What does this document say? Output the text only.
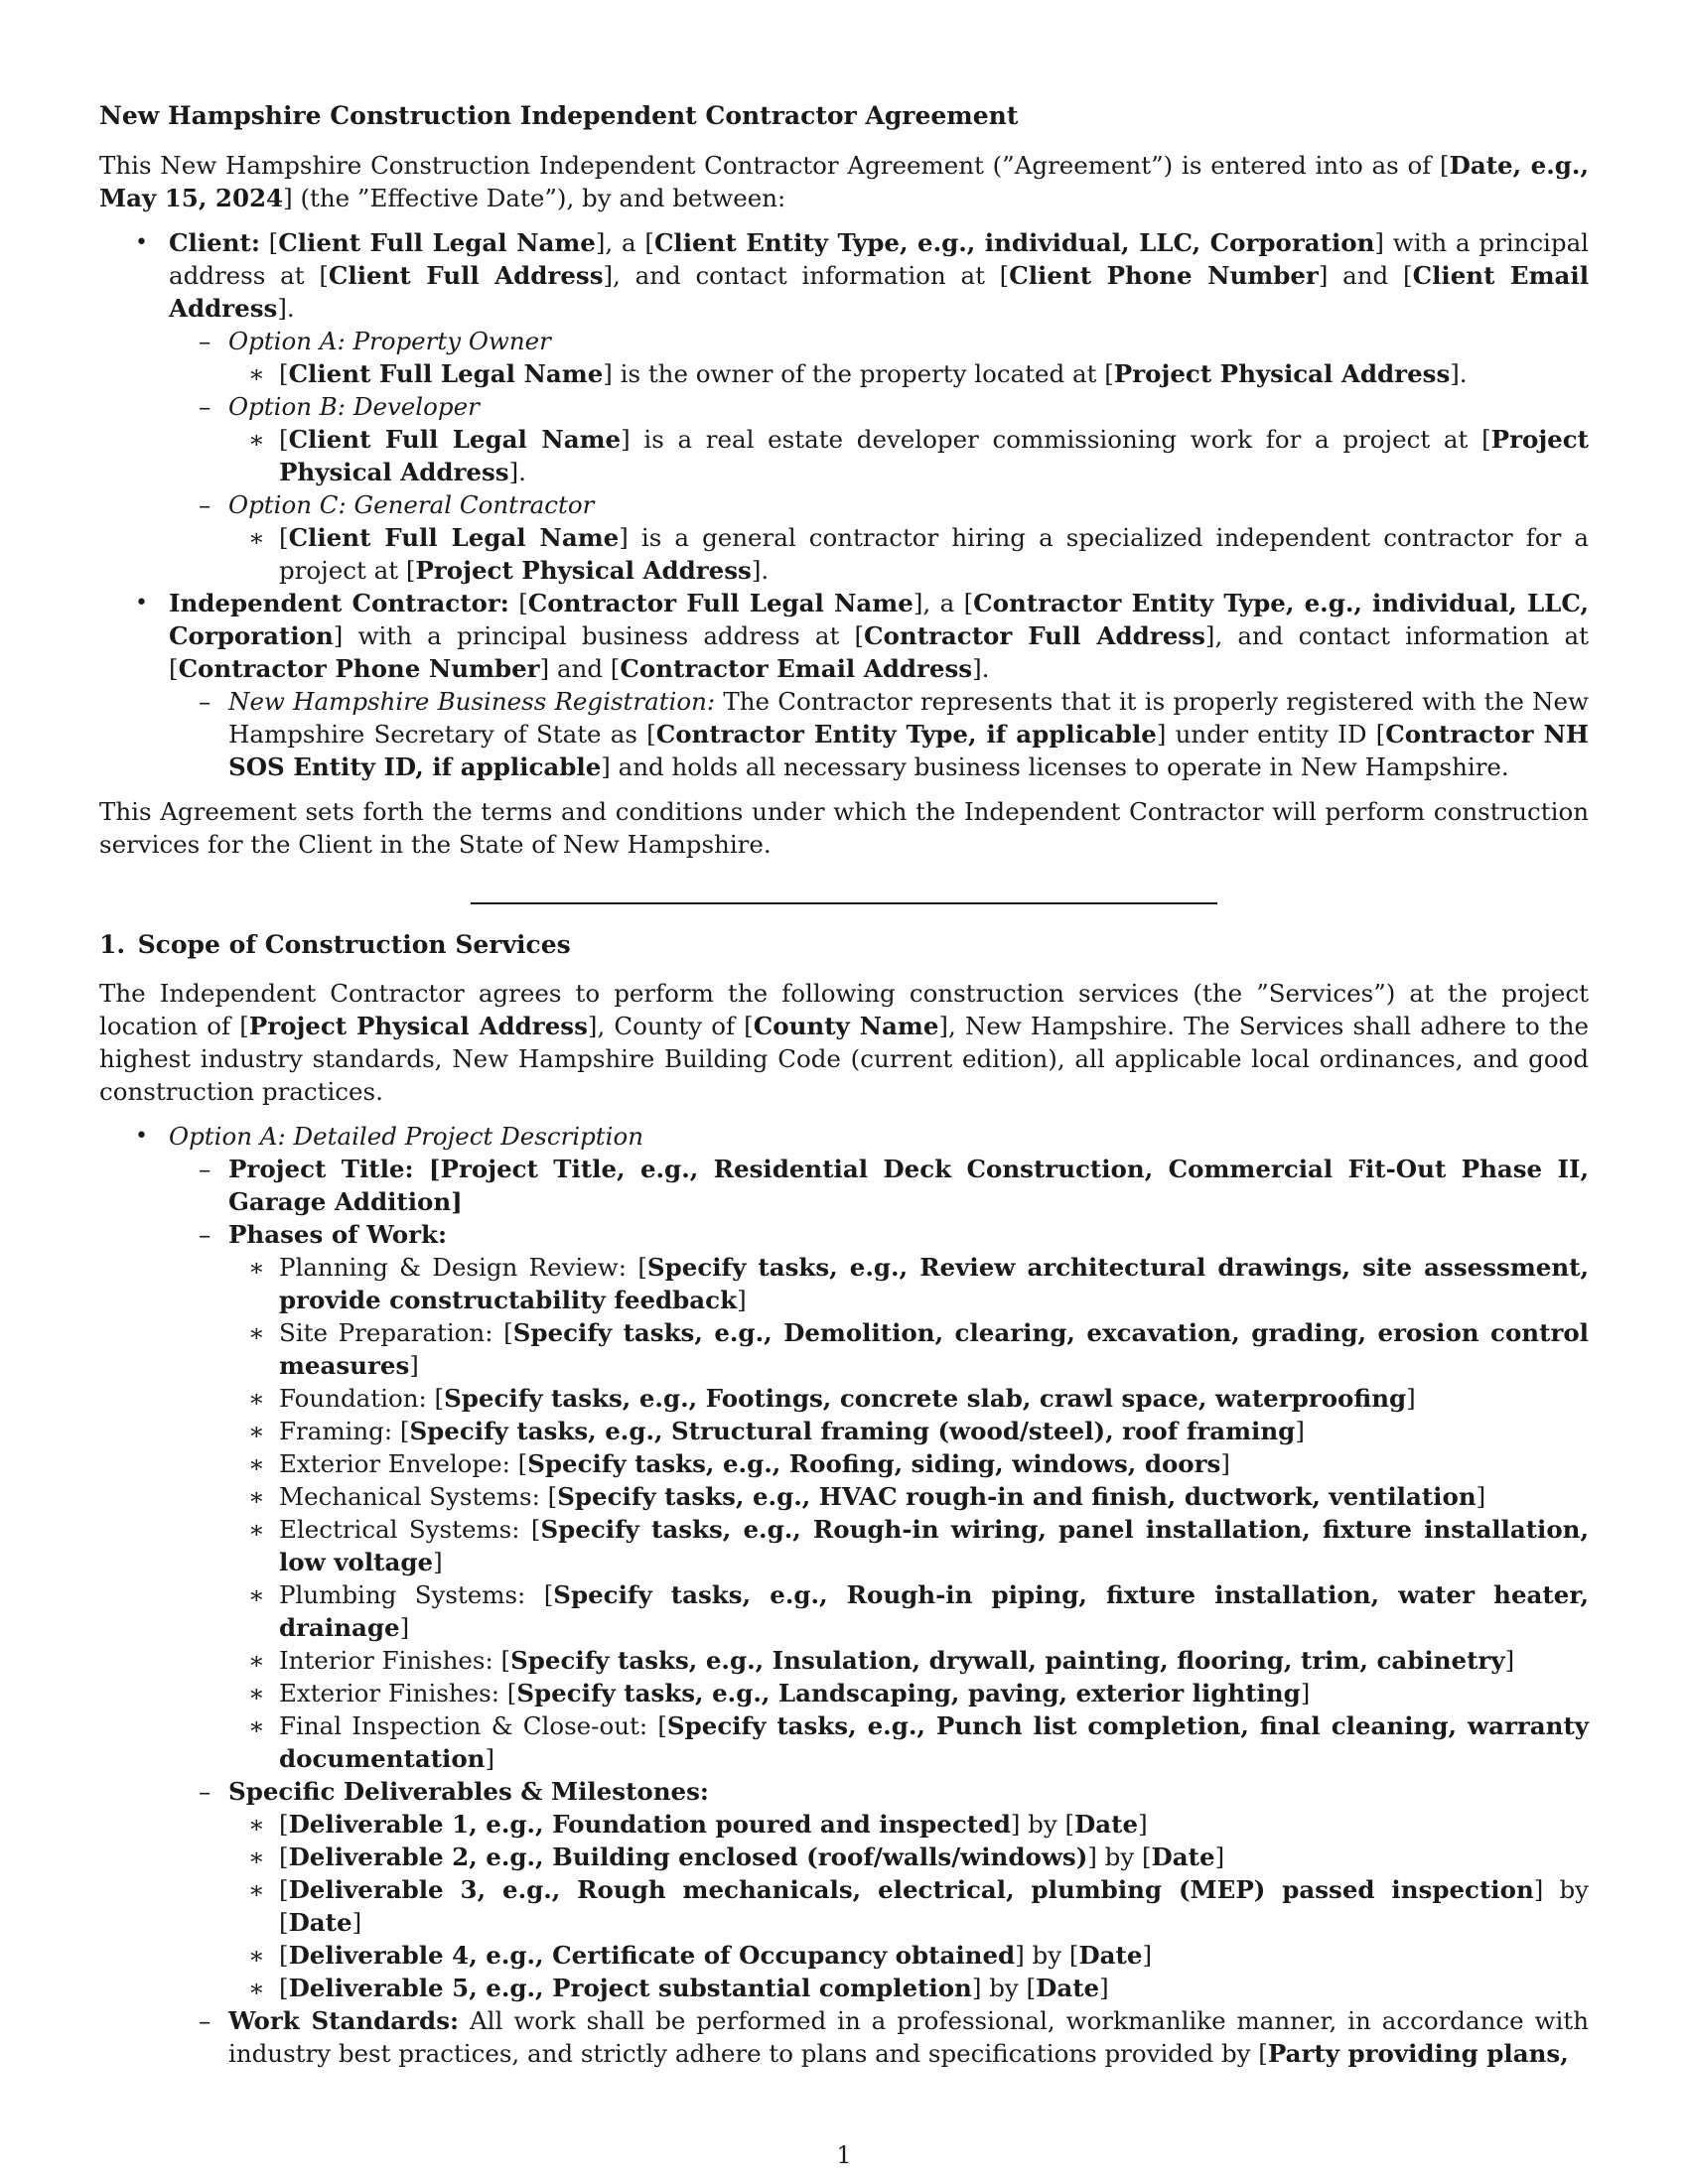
New Hampshire Construction Independent Contractor Agreement

This New Hampshire Construction Independent Contractor Agreement (”Agreement”) is entered into as of [Date, e.g., May 15, 2024] (the ”Effective Date”), by and between:

• Client: [Client Full Legal Name], a [Client Entity Type, e.g., individual, LLC, Corporation] with a principal address at [Client Full Address], and contact information at [Client Phone Number] and [Client Email Address].
– Option A: Property Owner
∗ [Client Full Legal Name] is the owner of the property located at [Project Physical Address].
– Option B: Developer
∗ [Client Full Legal Name] is a real estate developer commissioning work for a project at [Project Physical Address].
– Option C: General Contractor
∗ [Client Full Legal Name] is a general contractor hiring a specialized independent contractor for a project at [Project Physical Address].
• Independent Contractor: [Contractor Full Legal Name], a [Contractor Entity Type, e.g., individual, LLC, Corporation] with a principal business address at [Contractor Full Address], and contact information at [Contractor Phone Number] and [Contractor Email Address].
– New Hampshire Business Registration: The Contractor represents that it is properly registered with the New Hampshire Secretary of State as [Contractor Entity Type, if applicable] under entity ID [Contractor NH SOS Entity ID, if applicable] and holds all necessary business licenses to operate in New Hampshire.

This Agreement sets forth the terms and conditions under which the Independent Contractor will perform construction services for the Client in the State of New Hampshire.

1. Scope of Construction Services

The Independent Contractor agrees to perform the following construction services (the ”Services”) at the project location of [Project Physical Address], County of [County Name], New Hampshire. The Services shall adhere to the highest industry standards, New Hampshire Building Code (current edition), all applicable local ordinances, and good construction practices.

• Option A: Detailed Project Description
– Project Title: [Project Title, e.g., Residential Deck Construction, Commercial Fit-Out Phase II, Garage Addition]
– Phases of Work:
∗ Planning & Design Review: [Specify tasks, e.g., Review architectural drawings, site assessment, provide constructability feedback]
∗ Site Preparation: [Specify tasks, e.g., Demolition, clearing, excavation, grading, erosion control measures]
∗ Foundation: [Specify tasks, e.g., Footings, concrete slab, crawl space, waterproofing]
∗ Framing: [Specify tasks, e.g., Structural framing (wood/steel), roof framing]
∗ Exterior Envelope: [Specify tasks, e.g., Roofing, siding, windows, doors]
∗ Mechanical Systems: [Specify tasks, e.g., HVAC rough-in and finish, ductwork, ventilation]
∗ Electrical Systems: [Specify tasks, e.g., Rough-in wiring, panel installation, fixture installation, low voltage]
∗ Plumbing Systems: [Specify tasks, e.g., Rough-in piping, fixture installation, water heater, drainage]
∗ Interior Finishes: [Specify tasks, e.g., Insulation, drywall, painting, flooring, trim, cabinetry]
∗ Exterior Finishes: [Specify tasks, e.g., Landscaping, paving, exterior lighting]
∗ Final Inspection & Close-out: [Specify tasks, e.g., Punch list completion, final cleaning, warranty documentation]
– Specific Deliverables & Milestones:
∗ [Deliverable 1, e.g., Foundation poured and inspected] by [Date]
∗ [Deliverable 2, e.g., Building enclosed (roof/walls/windows)] by [Date]
∗ [Deliverable 3, e.g., Rough mechanicals, electrical, plumbing (MEP) passed inspection] by [Date]
∗ [Deliverable 4, e.g., Certificate of Occupancy obtained] by [Date]
∗ [Deliverable 5, e.g., Project substantial completion] by [Date]
– Work Standards: All work shall be performed in a professional, workmanlike manner, in accordance with industry best practices, and strictly adhere to plans and specifications provided by [Party providing plans,
1
